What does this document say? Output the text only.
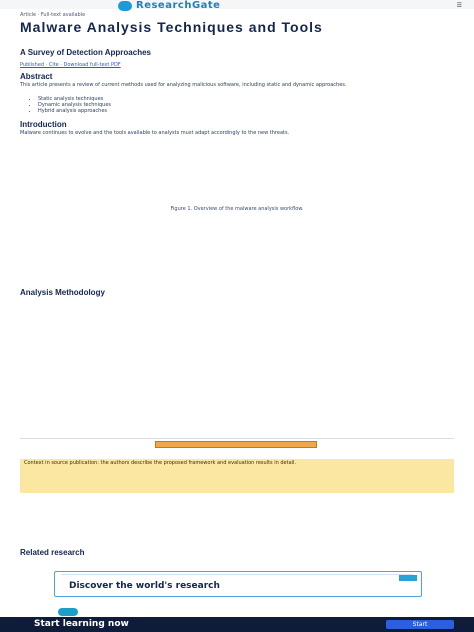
ResearchGate	☰
Article · Full-text available
Malware Analysis Techniques and Tools
A Survey of Detection Approaches
Published · Cite · Download full-text PDF
Abstract
This article presents a review of current methods used for analyzing malicious software, including static and dynamic approaches.
• Static analysis techniques
• Dynamic analysis techniques
• Hybrid analysis approaches
Introduction
Malware continues to evolve and the tools available to analysts must adapt accordingly to the new threats.
Figure 1. Overview of the malware analysis workflow.
Analysis Methodology
Context in source publication: the authors describe the proposed framework and evaluation results in detail.
Related research
Discover the world's research
Start learning now	Start
